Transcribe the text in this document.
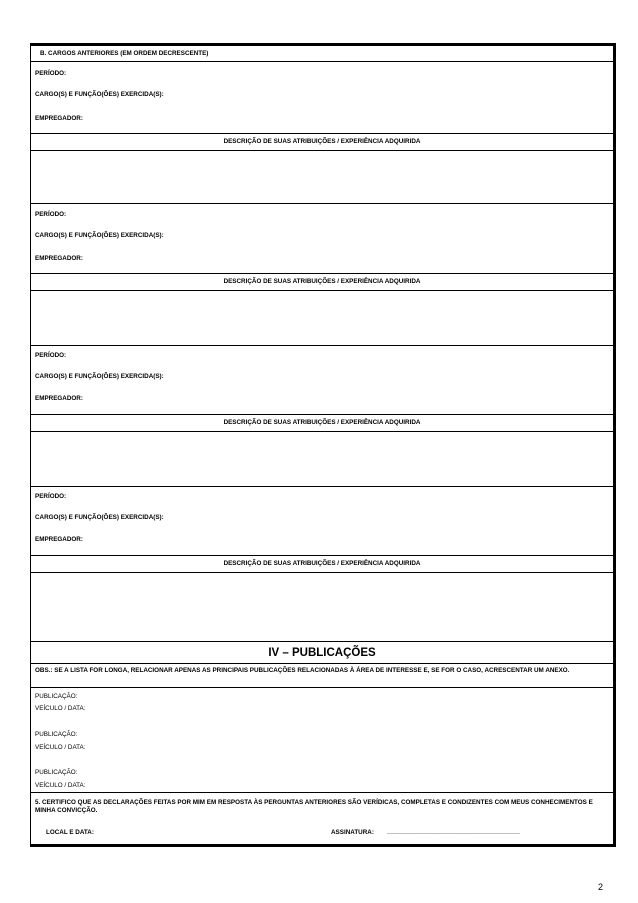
B. CARGOS ANTERIORES (EM ORDEM DECRESCENTE)
PERÍODO:
CARGO(S) E FUNÇÃO(ÕES) EXERCIDA(S):
EMPREGADOR:
DESCRIÇÃO DE SUAS ATRIBUIÇÕES / EXPERIÊNCIA ADQUIRIDA
PERÍODO:
CARGO(S) E FUNÇÃO(ÕES) EXERCIDA(S):
EMPREGADOR:
DESCRIÇÃO DE SUAS ATRIBUIÇÕES / EXPERIÊNCIA ADQUIRIDA
PERÍODO:
CARGO(S) E FUNÇÃO(ÕES) EXERCIDA(S):
EMPREGADOR:
DESCRIÇÃO DE SUAS ATRIBUIÇÕES / EXPERIÊNCIA ADQUIRIDA
PERÍODO:
CARGO(S) E FUNÇÃO(ÕES) EXERCIDA(S):
EMPREGADOR:
DESCRIÇÃO DE SUAS ATRIBUIÇÕES / EXPERIÊNCIA ADQUIRIDA
IV – PUBLICAÇÕES
OBS.: SE A LISTA FOR LONGA, RELACIONAR APENAS AS PRINCIPAIS PUBLICAÇÕES RELACIONADAS À ÁREA DE INTERESSE E, SE FOR O CASO, ACRESCENTAR UM ANEXO.
PUBLICAÇÃO:
VEÍCULO / DATA:
PUBLICAÇÃO:
VEÍCULO / DATA:
PUBLICAÇÃO:
VEÍCULO / DATA:
5. CERTIFICO QUE AS DECLARAÇÕES FEITAS POR MIM EM RESPOSTA ÀS PERGUNTAS ANTERIORES SÃO VERÍDICAS, COMPLETAS E CONDIZENTES COM MEUS CONHECIMENTOS E MINHA CONVICÇÃO.
LOCAL E DATA:	ASSINATURA: ______________________________________
2
